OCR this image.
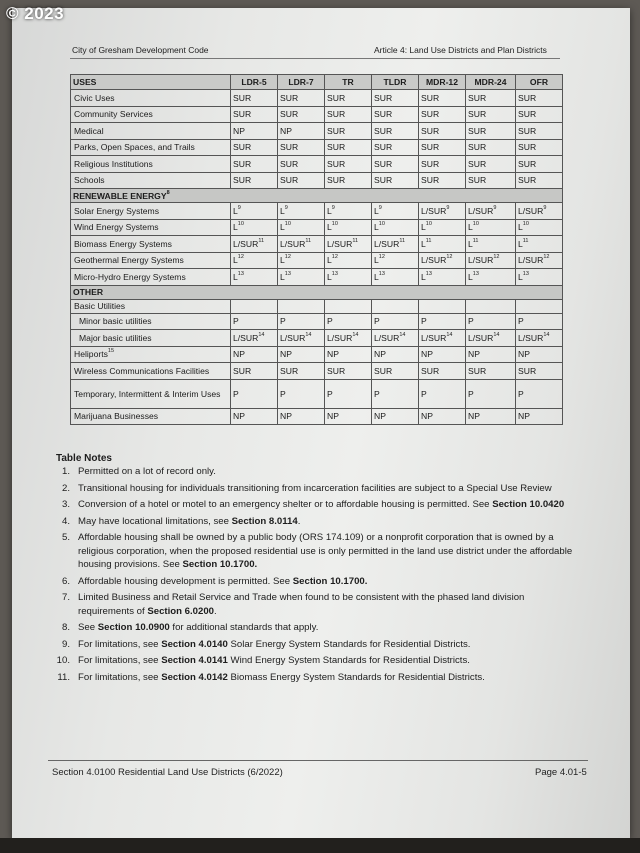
© 2023
City of Gresham Development Code	Article 4: Land Use Districts and Plan Districts
USES	LDR-5	LDR-7	TR	TLDR	MDR-12	MDR-24	OFR
Civic Uses	SUR	SUR	SUR	SUR	SUR	SUR	SUR
Community Services	SUR	SUR	SUR	SUR	SUR	SUR	SUR
Medical	NP	NP	SUR	SUR	SUR	SUR	SUR
Parks, Open Spaces, and Trails	SUR	SUR	SUR	SUR	SUR	SUR	SUR
Religious Institutions	SUR	SUR	SUR	SUR	SUR	SUR	SUR
Schools	SUR	SUR	SUR	SUR	SUR	SUR	SUR
RENEWABLE ENERGY$^8$
Solar Energy Systems	$L^9$	$L^9$	$L^9$	$L^9$	L/SUR$^9$	L/SUR$^9$	L/SUR$^9$
Wind Energy Systems	$L^{10}$	$L^{10}$	$L^{10}$	$L^{10}$	$L^{10}$	$L^{10}$	$L^{10}$
Biomass Energy Systems	L/SUR$^{11}$	L/SUR$^{11}$	L/SUR$^{11}$	L/SUR$^{11}$	$L^{11}$	$L^{11}$	$L^{11}$
Geothermal Energy Systems	$L^{12}$	$L^{12}$	$L^{12}$	$L^{12}$	L/SUR$^{12}$	L/SUR$^{12}$	L/SUR$^{12}$
Micro-Hydro Energy Systems	$L^{13}$	$L^{13}$	$L^{13}$	$L^{13}$	$L^{13}$	$L^{13}$	$L^{13}$
OTHER							
Basic Utilities							
Minor basic utilities	P	P	P	P	P	P	P
Major basic utilities	L/SUR$^{14}$	L/SUR$^{14}$	L/SUR$^{14}$	L/SUR$^{14}$	L/SUR$^{14}$	L/SUR$^{14}$	L/SUR$^{14}$
Heliports$^{15}$	NP	NP	NP	NP	NP	NP	NP
Wireless Communications Facilities	SUR	SUR	SUR	SUR	SUR	SUR	SUR
Temporary, Intermittent & Interim Uses	P	P	P	P	P	P	P
Marijuana Businesses	NP	NP	NP	NP	NP	NP	NP
Table Notes
1. Permitted on a lot of record only.
2. Transitional housing for individuals transitioning from incarceration facilities are subject to a Special Use Review
3. Conversion of a hotel or motel to an emergency shelter or to affordable housing is permitted. See Section 10.0420
4. May have locational limitations, see Section 8.0114.
5. Affordable housing shall be owned by a public body (ORS 174.109) or a nonprofit corporation that is owned by a religious corporation, when the proposed residential use is only permitted in the land use district under the affordable housing provisions. See Section 10.1700.
6. Affordable housing development is permitted. See Section 10.1700.
7. Limited Business and Retail Service and Trade when found to be consistent with the phased land division requirements of Section 6.0200.
8. See Section 10.0900 for additional standards that apply.
9. For limitations, see Section 4.0140 Solar Energy System Standards for Residential Districts.
10. For limitations, see Section 4.0141 Wind Energy System Standards for Residential Districts.
11. For limitations, see Section 4.0142 Biomass Energy System Standards for Residential Districts.
Section 4.0100 Residential Land Use Districts (6/2022)	Page 4.01-5
